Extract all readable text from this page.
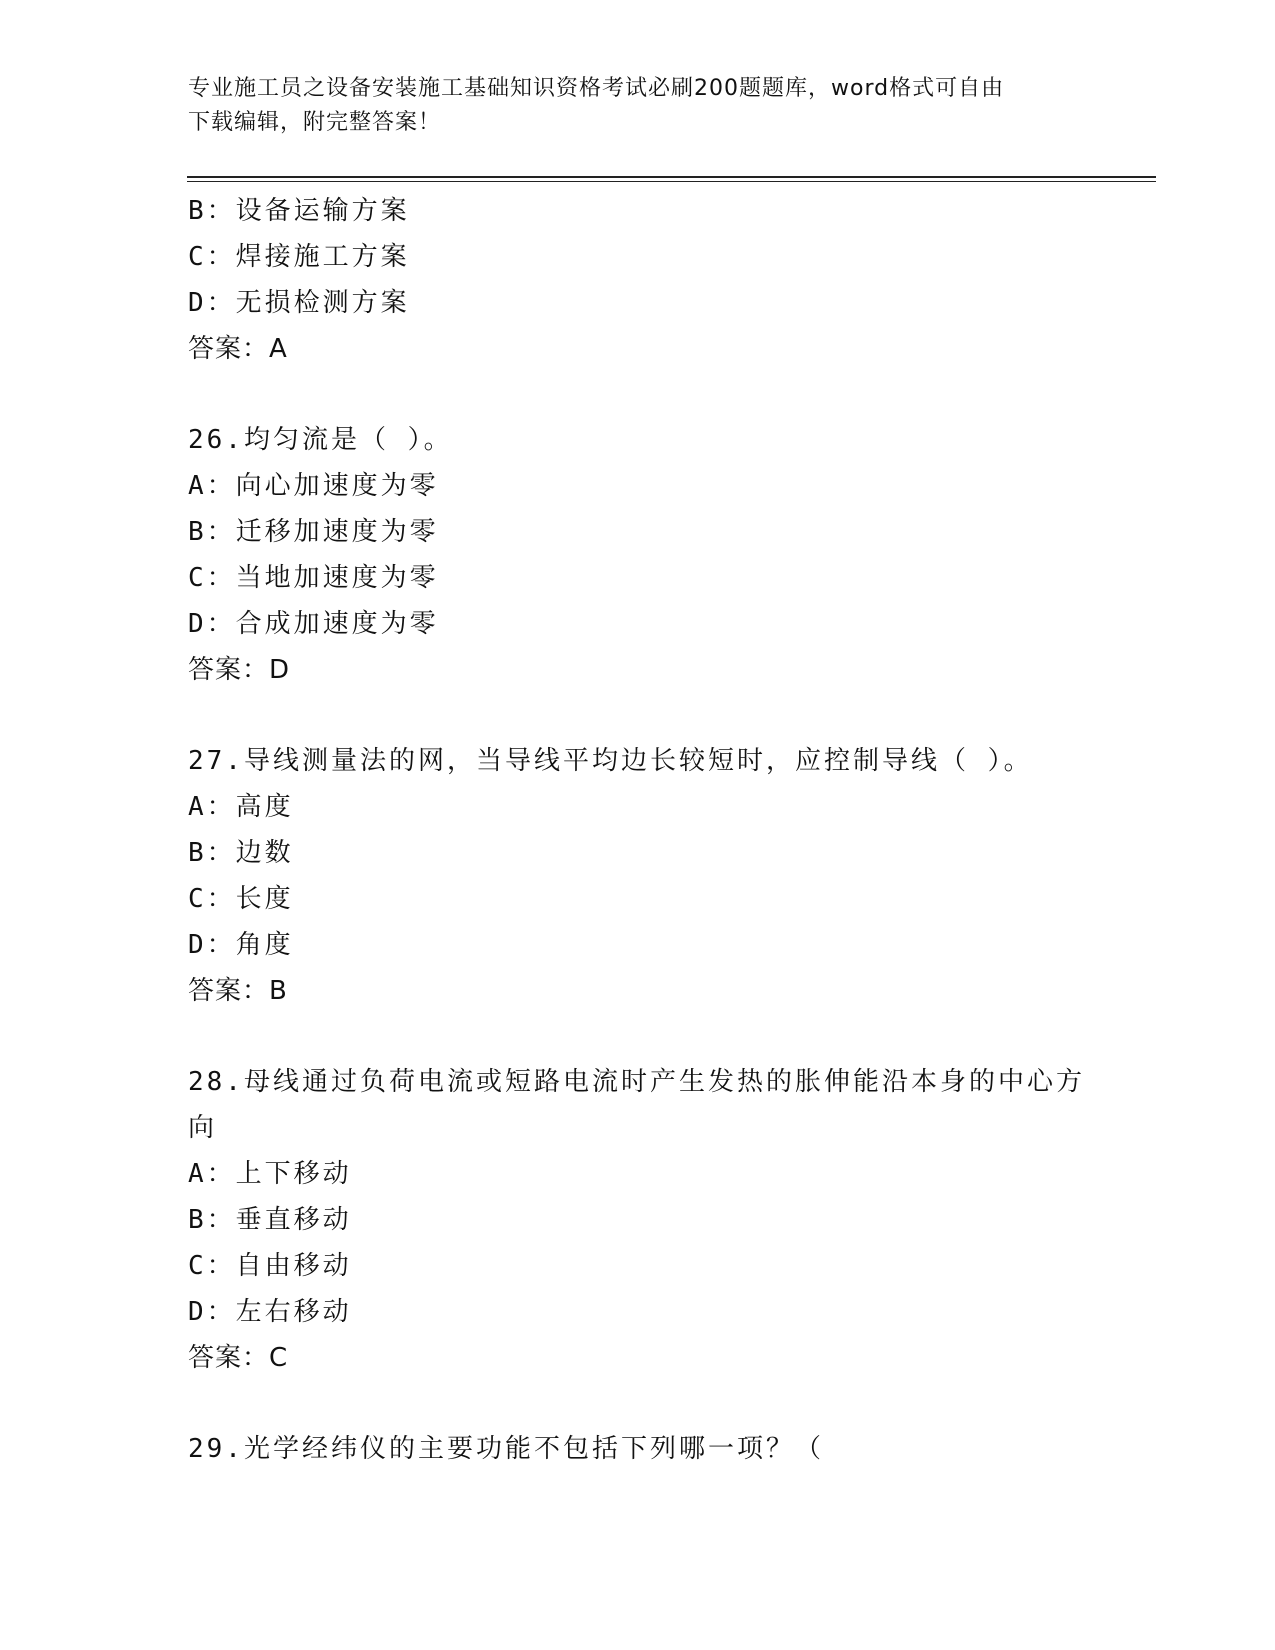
专业施工员之设备安装施工基础知识资格考试必刷200题题库，word格式可自由
下载编辑，附完整答案！
B：设备运输方案
C：焊接施工方案
D：无损检测方案
答案：A
26.均匀流是（ ）。
A：向心加速度为零
B：迁移加速度为零
C：当地加速度为零
D：合成加速度为零
答案：D
27.导线测量法的网，当导线平均边长较短时，应控制导线（ ）。
A：高度
B：边数
C：长度
D：角度
答案：B
28.母线通过负荷电流或短路电流时产生发热的胀伸能沿本身的中心方
向
A：上下移动
B：垂直移动
C：自由移动
D：左右移动
答案：C
29.光学经纬仪的主要功能不包括下列哪一项？（
